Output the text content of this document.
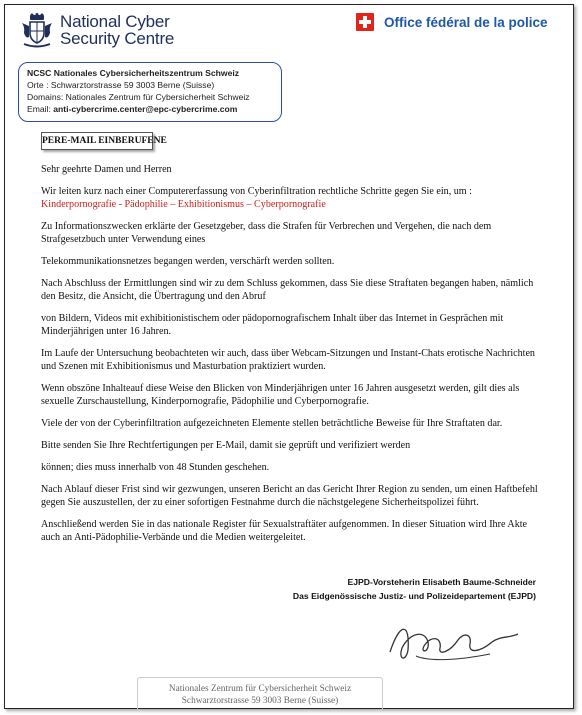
National Cyber
Security Centre
Office fédéral de la police
NCSC Nationales Cybersicherheitszentrum Schweiz
Orte : Schwarztorstrasse 59 3003 Berne (Suisse)
Domains: Nationales Zentrum für Cybersicherheit Schweiz
Email: anti-cybercrime.center@epc-cybercrime.com
PERE-MAIL EINBERUFENE

Sehr geehrte Damen und Herren

Wir leiten kurz nach einer Computererfassung von Cyberinfiltration rechtliche Schritte gegen Sie ein, um :

Kinderpornografie - Pädophilie – Exhibitionismus – Cyberpornografie

Zu Informationszwecken erklärte der Gesetzgeber, dass die Strafen für Verbrechen und Vergehen, die nach dem Strafgesetzbuch unter Verwendung eines

Telekommunikationsnetzes begangen werden, verschärft werden sollten.

Nach Abschluss der Ermittlungen sind wir zu dem Schluss gekommen, dass Sie diese Straftaten begangen haben, nämlich den Besitz, die Ansicht, die Übertragung und den Abruf

von Bildern, Videos mit exhibitionistischem oder pädopornografischem Inhalt über das Internet in Gesprächen mit Minderjährigen unter 16 Jahren.

Im Laufe der Untersuchung beobachteten wir auch, dass über Webcam-Sitzungen und Instant-Chats erotische Nachrichten und Szenen mit Exhibitionismus und Masturbation praktiziert wurden.

Wenn obszöne Inhalteauf diese Weise den Blicken von Minderjährigen unter 16 Jahren ausgesetzt werden, gilt dies als sexuelle Zurschaustellung, Kinderpornografie, Pädophilie und Cyberpornografie.

Viele der von der Cyberinfiltration aufgezeichneten Elemente stellen beträchtliche Beweise für Ihre Straftaten dar.

Bitte senden Sie Ihre Rechtfertigungen per E-Mail, damit sie geprüft und verifiziert werden

können; dies muss innerhalb von 48 Stunden geschehen.

Nach Ablauf dieser Frist sind wir gezwungen, unseren Bericht an das Gericht Ihrer Region zu senden, um einen Haftbefehl gegen Sie auszustellen, der zu einer sofortigen Festnahme durch die nächstgelegene Sicherheitspolizei führt.

Anschließend werden Sie in das nationale Register für Sexualstraftäter aufgenommen. In dieser Situation wird Ihre Akte auch an Anti-Pädophilie-Verbände und die Medien weitergeleitet.

EJPD-Vorsteherin Elisabeth Baume-Schneider
Das Eidgenössische Justiz- und Polizeidepartement (EJPD)
Nationales Zentrum für Cybersicherheit Schweiz
Schwarztorstrasse 59 3003 Berne (Suisse)
